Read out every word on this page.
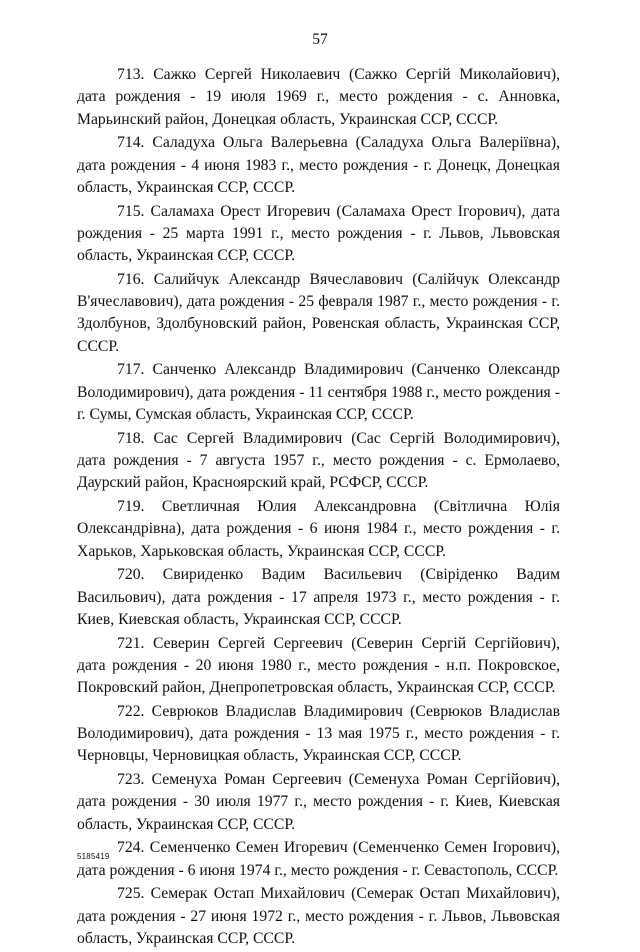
57

713. Сажко Сергей Николаевич (Сажко Сергій Миколайович), дата рождения - 19 июля 1969 г., место рождения - с. Анновка, Марьинский район, Донецкая область, Украинская ССР, СССР.

714. Саладуха Ольга Валерьевна (Саладуха Ольга Валеріївна), дата рождения - 4 июня 1983 г., место рождения - г. Донецк, Донецкая область, Украинская ССР, СССР.

715. Саламаха Орест Игоревич (Саламаха Орест Ігорович), дата рождения - 25 марта 1991 г., место рождения - г. Львов, Львовская область, Украинская ССР, СССР.

716. Салийчук Александр Вячеславович (Салійчук Олександр В'ячеславович), дата рождения - 25 февраля 1987 г., место рождения - г. Здолбунов, Здолбуновский район, Ровенская область, Украинская ССР, СССР.

717. Санченко Александр Владимирович (Санченко Олександр Володимирович), дата рождения - 11 сентября 1988 г., место рождения - г. Сумы, Сумская область, Украинская ССР, СССР.

718. Сас Сергей Владимирович (Сас Сергій Володимирович), дата рождения - 7 августа 1957 г., место рождения - с. Ермолаево, Даурский район, Красноярский край, РСФСР, СССР.

719. Светличная Юлия Александровна (Світлична Юлія Олександрівна), дата рождения - 6 июня 1984 г., место рождения - г. Харьков, Харьковская область, Украинская ССР, СССР.

720. Свириденко Вадим Васильевич (Свіріденко Вадим Васильович), дата рождения - 17 апреля 1973 г., место рождения - г. Киев, Киевская область, Украинская ССР, СССР.

721. Северин Сергей Сергеевич (Северин Сергій Сергійович), дата рождения - 20 июня 1980 г., место рождения - н.п. Покровское, Покровский район, Днепропетровская область, Украинская ССР, СССР.

722. Севрюков Владислав Владимирович (Севрюков Владислав Володимирович), дата рождения - 13 мая 1975 г., место рождения - г. Черновцы, Черновицкая область, Украинская ССР, СССР.

723. Семенуха Роман Сергеевич (Семенуха Роман Сергійович), дата рождения - 30 июля 1977 г., место рождения - г. Киев, Киевская область, Украинская ССР, СССР.

724. Семенченко Семен Игоревич (Семенченко Семен Ігорович), дата рождения - 6 июня 1974 г., место рождения - г. Севастополь, СССР.

725. Семерак Остап Михайлович (Семерак Остап Михайлович), дата рождения - 27 июня 1972 г., место рождения - г. Львов, Львовская область, Украинская ССР, СССР.

5185419
